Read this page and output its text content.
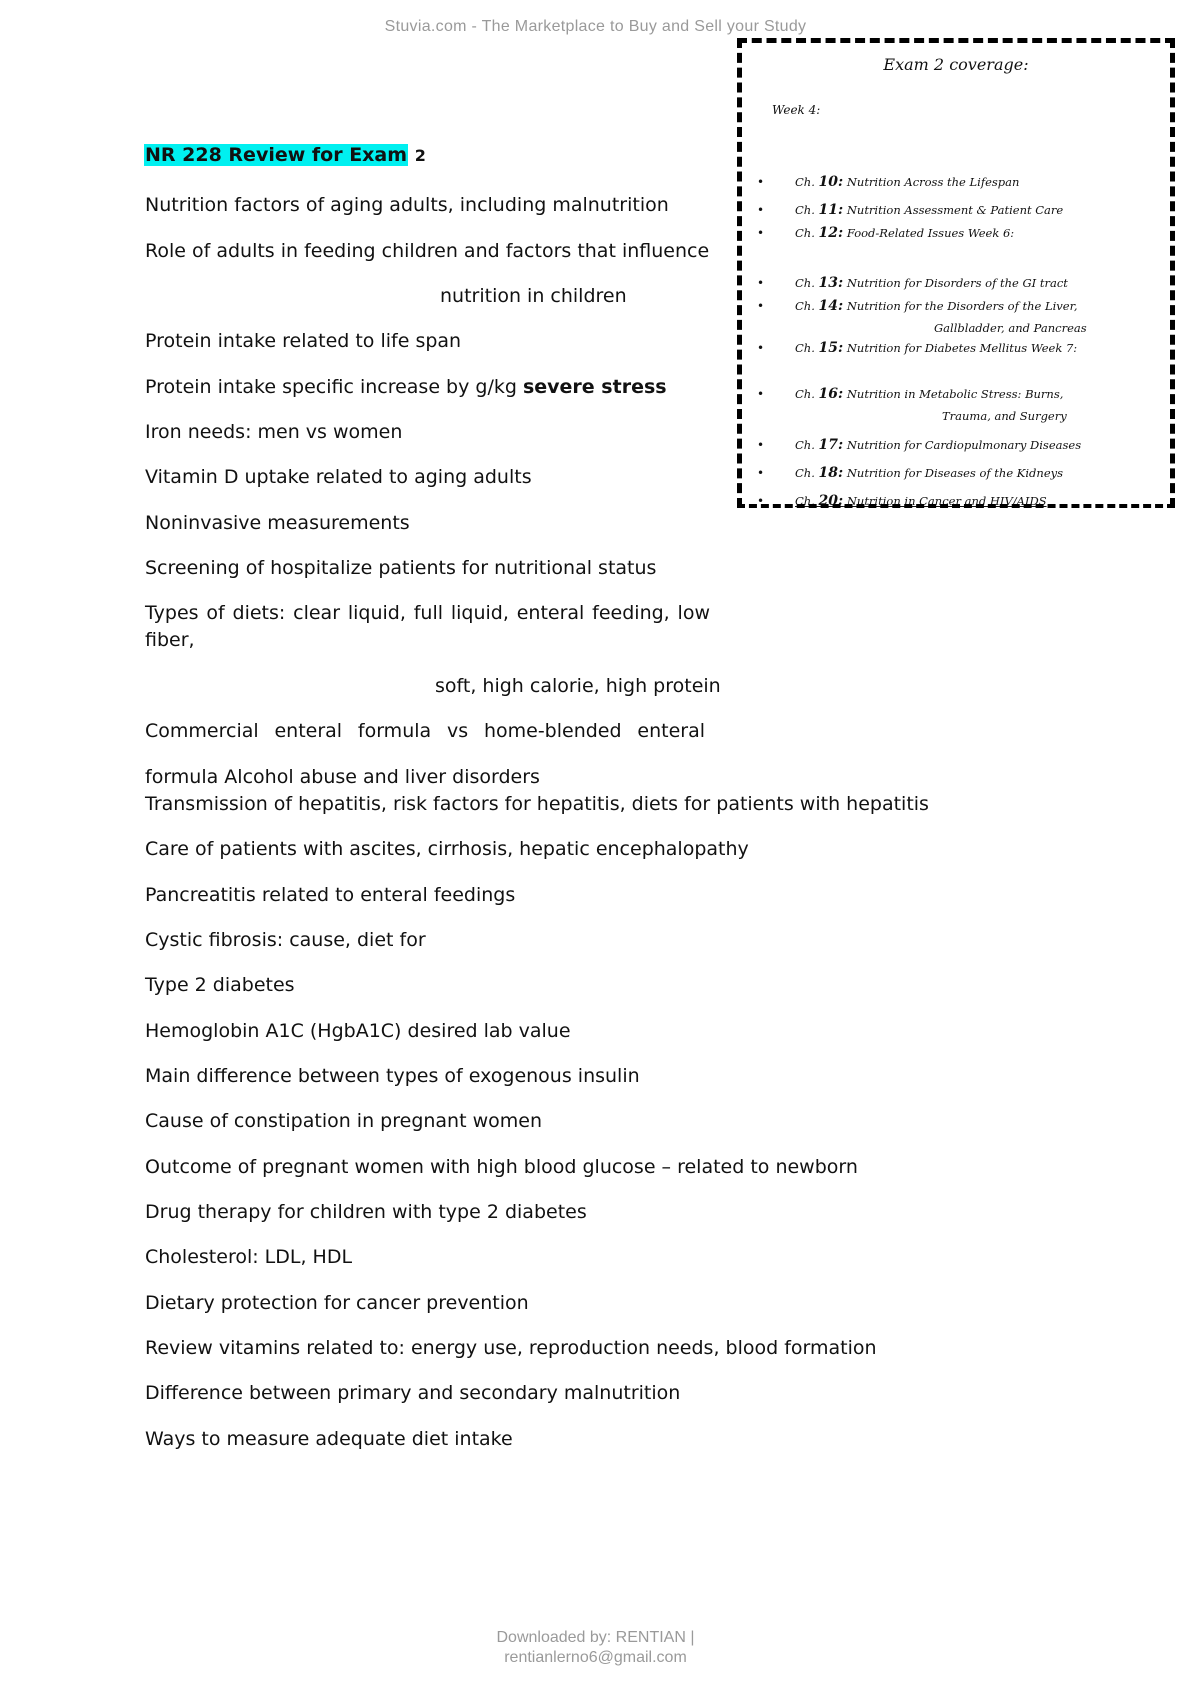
Stuvia.com - The Marketplace to Buy and Sell your Study
Exam 2 coverage:
Week 4:
•	Ch. 10: Nutrition Across the Lifespan
•	Ch. 11: Nutrition Assessment & Patient Care
•	Ch. 12: Food-Related Issues Week 6:
•	Ch. 13: Nutrition for Disorders of the GI tract
•	Ch. 14: Nutrition for the Disorders of the Liver,
Gallbladder, and Pancreas
•	Ch. 15: Nutrition for Diabetes Mellitus Week 7:
•	Ch. 16: Nutrition in Metabolic Stress: Burns,
Trauma, and Surgery
•	Ch. 17: Nutrition for Cardiopulmonary Diseases
•	Ch. 18: Nutrition for Diseases of the Kidneys
•	Ch. 20: Nutrition in Cancer and HIV/AIDS
NR 228 Review for Exam 2
Nutrition factors of aging adults, including malnutrition
Role of adults in feeding children and factors that influence
nutrition in children
Protein intake related to life span
Protein intake specific increase by g/kg severe stress
Iron needs: men vs women
Vitamin D uptake related to aging adults
Noninvasive measurements
Screening of hospitalize patients for nutritional status
Types of diets: clear liquid, full liquid, enteral feeding, low
fiber,
soft, high calorie, high protein
Commercial enteral formula vs home-blended enteral
formula Alcohol abuse and liver disorders
Transmission of hepatitis, risk factors for hepatitis, diets for patients with hepatitis
Care of patients with ascites, cirrhosis, hepatic encephalopathy
Pancreatitis related to enteral feedings
Cystic fibrosis: cause, diet for
Type 2 diabetes
Hemoglobin A1C (HgbA1C) desired lab value
Main difference between types of exogenous insulin
Cause of constipation in pregnant women
Outcome of pregnant women with high blood glucose – related to newborn
Drug therapy for children with type 2 diabetes
Cholesterol: LDL, HDL
Dietary protection for cancer prevention
Review vitamins related to: energy use, reproduction needs, blood formation
Difference between primary and secondary malnutrition
Ways to measure adequate diet intake
Downloaded by: RENTIAN |
rentianlerno6@gmail.com
